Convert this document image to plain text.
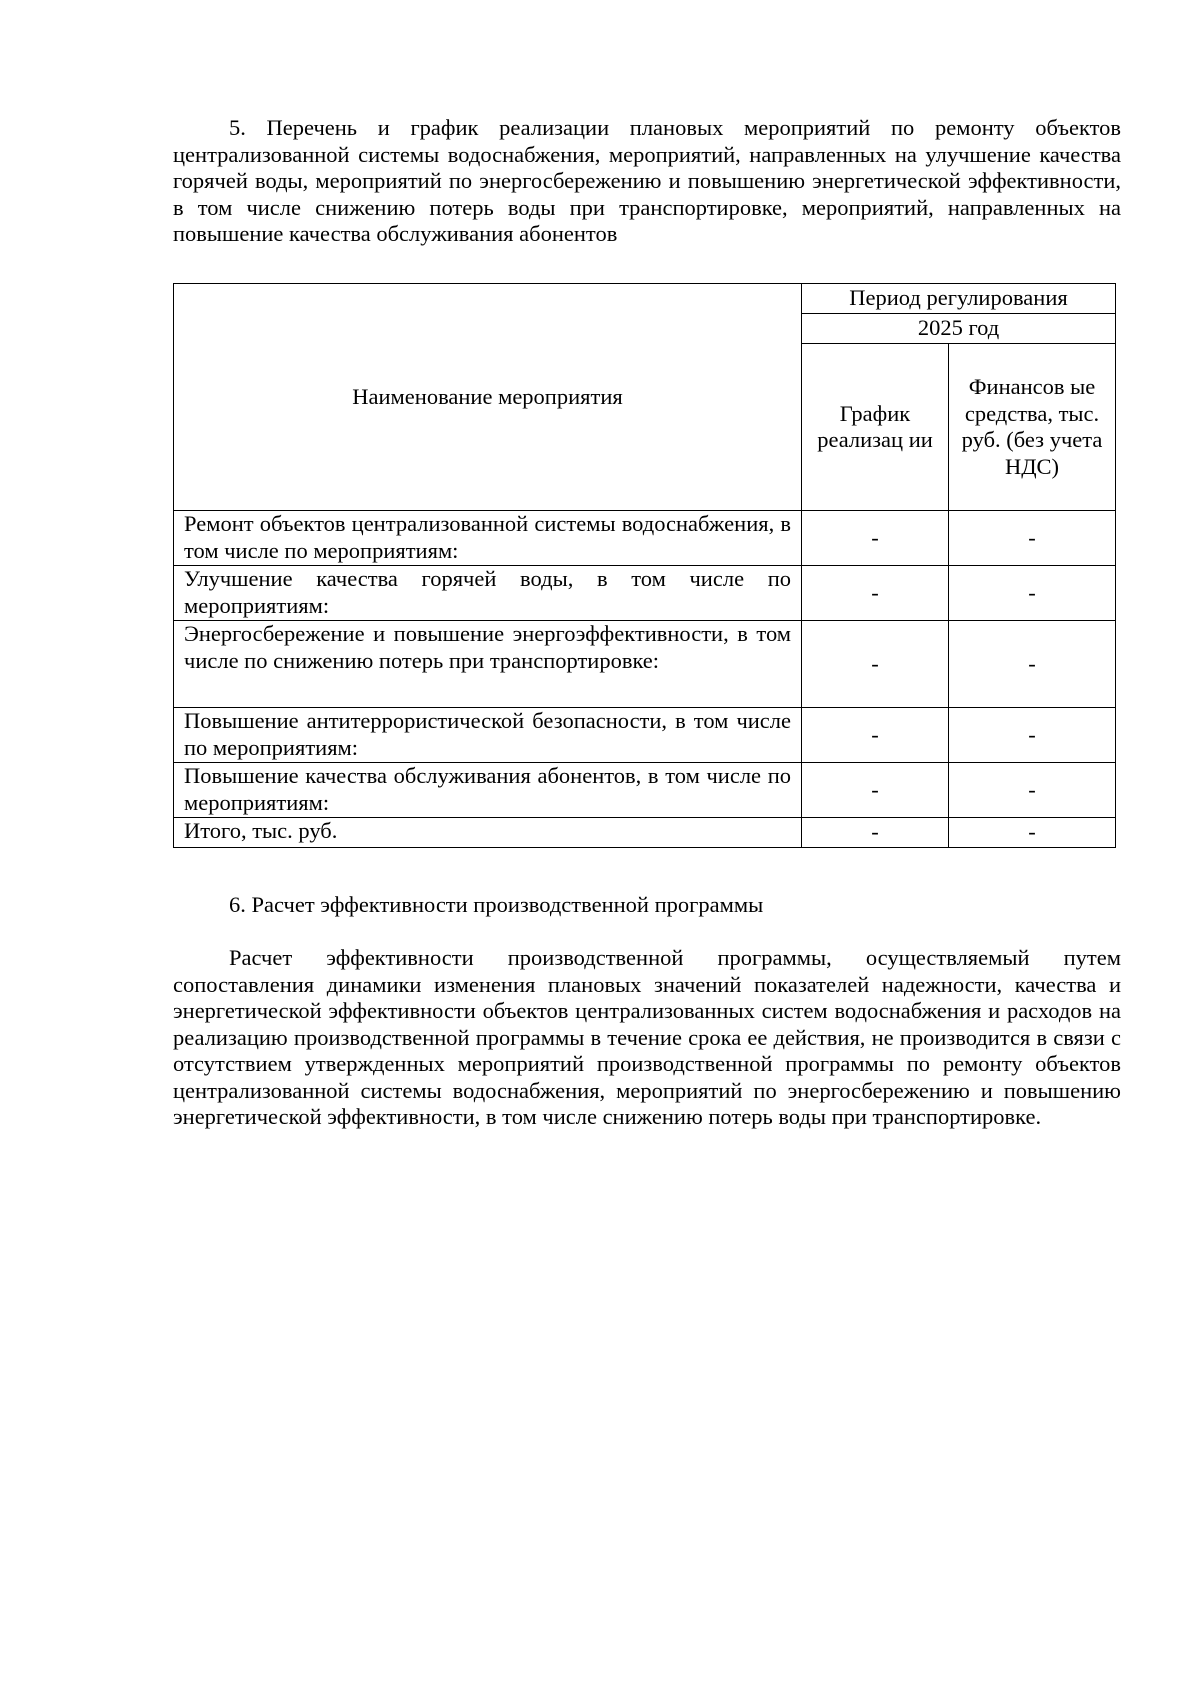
5. Перечень и график реализации плановых мероприятий по ремонту объектов централизованной системы водоснабжения, мероприятий, направленных на улучшение качества горячей воды, мероприятий по энергосбережению и повышению энергетической эффективности, в том числе снижению потерь воды при транспортировке, мероприятий, направленных на повышение качества обслуживания абонентов

Наименование мероприятия	Период регулирования	
	2025 год	
	График реализац ии	Финансов ые средства, тыс. руб. (без учета НДС)
Ремонт объектов централизованной системы водоснабжения, в том числе по мероприятиям:	-	-
Улучшение качества горячей воды, в том числе по мероприятиям:	-	-
Энергосбережение и повышение энергоэффективности, в том числе по снижению потерь при транспортировке:	-	-
Повышение антитеррористической безопасности, в том числе по мероприятиям:	-	-
Повышение качества обслуживания абонентов, в том числе по мероприятиям:	-	-
Итого, тыс. руб.	-	-

6. Расчет эффективности производственной программы

Расчет эффективности производственной программы, осуществляемый путем сопоставления динамики изменения плановых значений показателей надежности, качества и энергетической эффективности объектов централизованных систем водоснабжения и расходов на реализацию производственной программы в течение срока ее действия, не производится в связи с отсутствием утвержденных мероприятий производственной программы по ремонту объектов централизованной системы водоснабжения, мероприятий по энергосбережению и повышению энергетической эффективности, в том числе снижению потерь воды при транспортировке.
